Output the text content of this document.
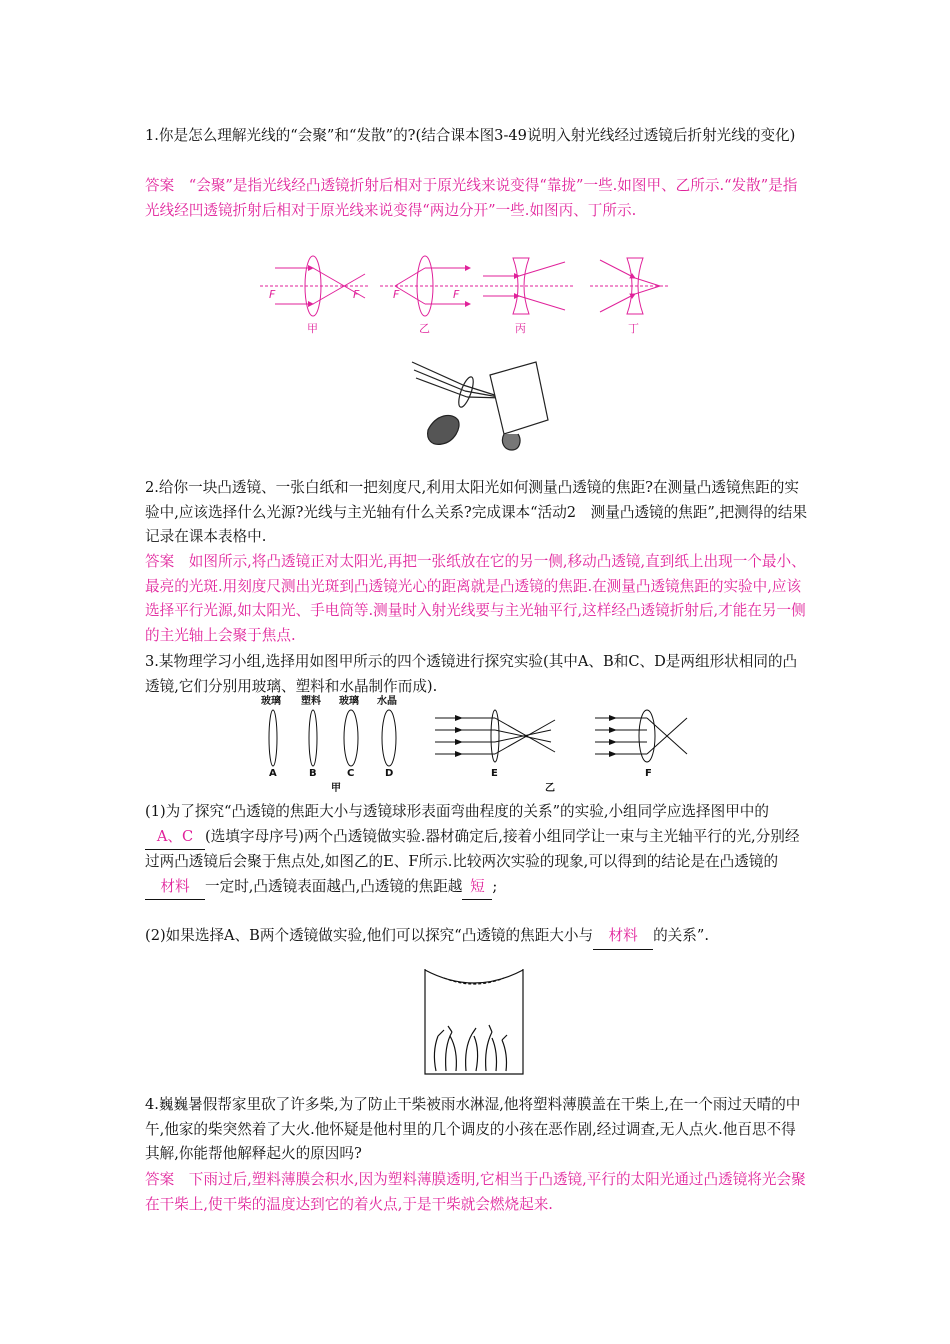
1.你是怎么理解光线的“会聚”和“发散”的?(结合课本图3-49说明入射光线经过透镜后折射光线的变化)
答案　“会聚”是指光线经凸透镜折射后相对于原光线来说变得“靠拢”一些.如图甲、乙所示.“发散”是指光线经凹透镜折射后相对于原光线来说变得“两边分开”一些.如图丙、丁所示.
F	F	F	F
甲	乙	丙	丁
2.给你一块凸透镜、一张白纸和一把刻度尺,利用太阳光如何测量凸透镜的焦距?在测量凸透镜焦距的实验中,应该选择什么光源?光线与主光轴有什么关系?完成课本“活动2　测量凸透镜的焦距”,把测得的结果记录在课本表格中.
答案　如图所示,将凸透镜正对太阳光,再把一张纸放在它的另一侧,移动凸透镜,直到纸上出现一个最小、最亮的光斑.用刻度尺测出光斑到凸透镜光心的距离就是凸透镜的焦距.在测量凸透镜焦距的实验中,应该选择平行光源,如太阳光、手电筒等.测量时入射光线要与主光轴平行,这样经凸透镜折射后,才能在另一侧的主光轴上会聚于焦点.
3.某物理学习小组,选择用如图甲所示的四个透镜进行探究实验(其中A、B和C、D是两组形状相同的凸透镜,它们分别用玻璃、塑料和水晶制作而成).
玻璃 塑料 玻璃 水晶
A	B	C	D
甲
E	F
乙
(1)为了探究“凸透镜的焦距大小与透镜球形表面弯曲程度的关系”的实验,小组同学应选择图甲中的A、C (选填字母序号)两个凸透镜做实验.器材确定后,接着小组同学让一束与主光轴平行的光,分别经过两凸透镜后会聚于焦点处,如图乙的E、F所示.比较两次实验的现象,可以得到的结论是在凸透镜的材料 一定时,凸透镜表面越凸,凸透镜的焦距越 短 ;
(2)如果选择A、B两个透镜做实验,他们可以探究“凸透镜的焦距大小与 材料 的关系”.
4.巍巍暑假帮家里砍了许多柴,为了防止干柴被雨水淋湿,他将塑料薄膜盖在干柴上,在一个雨过天晴的中午,他家的柴突然着了大火.他怀疑是他村里的几个调皮的小孩在恶作剧,经过调查,无人点火.他百思不得其解,你能帮他解释起火的原因吗?
答案　下雨过后,塑料薄膜会积水,因为塑料薄膜透明,它相当于凸透镜,平行的太阳光通过凸透镜将光会聚在干柴上,使干柴的温度达到它的着火点,于是干柴就会燃烧起来.
